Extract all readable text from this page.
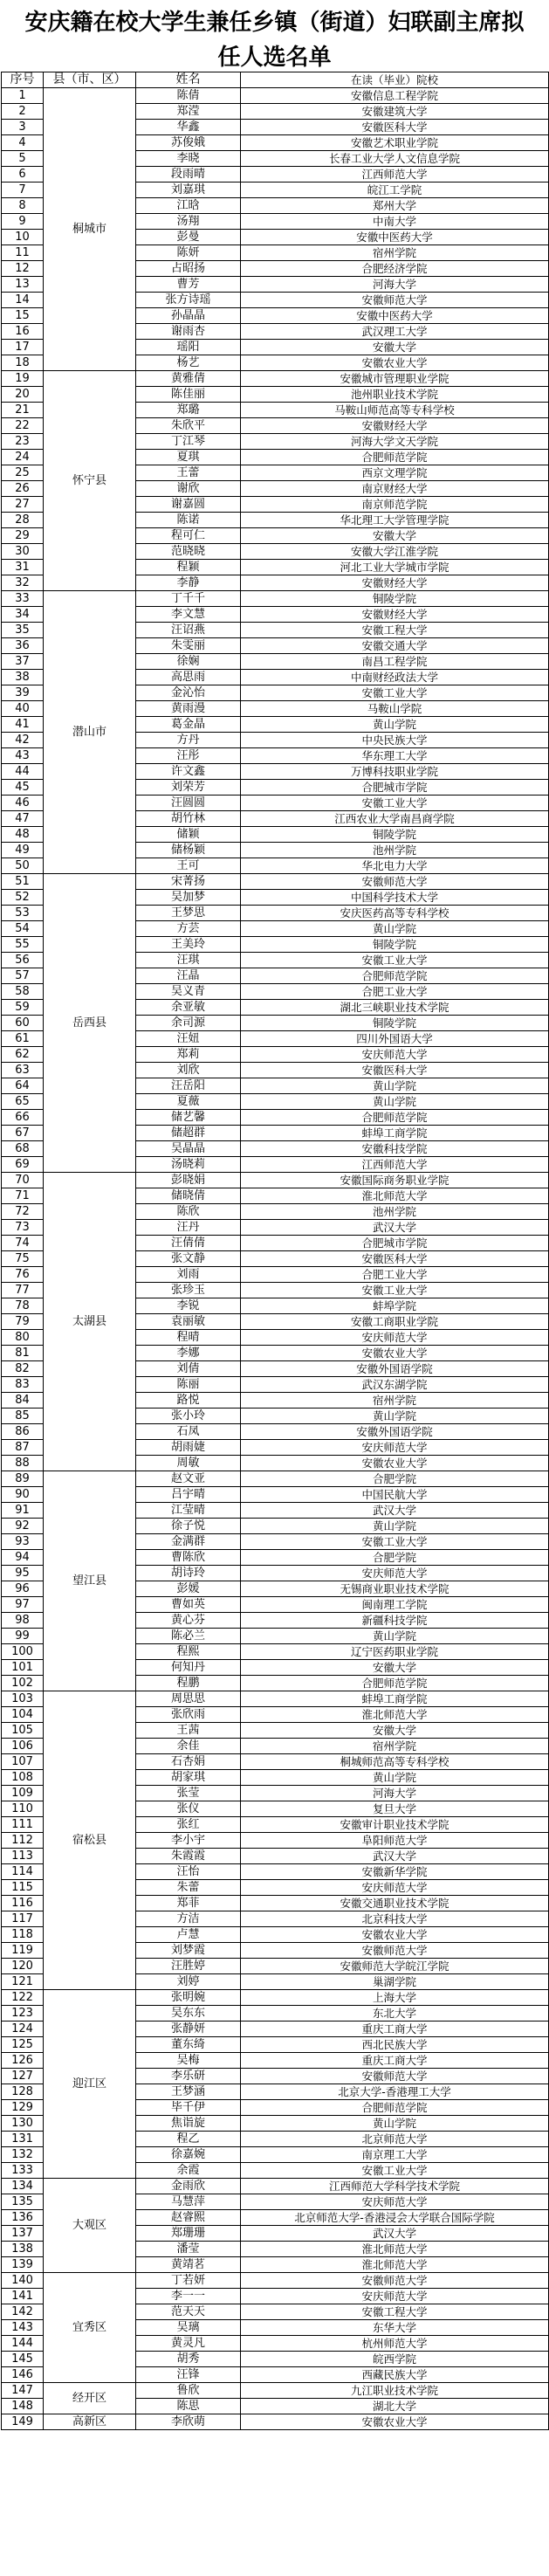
安庆籍在校大学生兼任乡镇（街道）妇联副主席拟
任人选名单
序号	县（市、区）	姓名	在读（毕业）院校
1	桐城市	陈倩	安徽信息工程学院
2		郑滢	安徽建筑大学
3		华鑫	安徽医科大学
4		苏俊娥	安徽艺术职业学院
5		李晓	长春工业大学人文信息学院
6		段雨晴	江西师范大学
7		刘嘉琪	皖江工学院
8		江晗	郑州大学
9		汤翔	中南大学
10		彭曼	安徽中医药大学
11		陈妍	宿州学院
12		占昭扬	合肥经济学院
13		曹芳	河海大学
14		张方诗瑶	安徽师范大学
15		孙晶晶	安徽中医药大学
16		谢雨杏	武汉理工大学
17		瑶阳	安徽大学
18		杨艺	安徽农业大学
19	怀宁县	黄雅倩	安徽城市管理职业学院
20		陈佳丽	池州职业技术学院
21		郑璐	马鞍山师范高等专科学校
22		朱欣平	安徽财经大学
23		丁江琴	河海大学文天学院
24		夏琪	合肥师范学院
25		王蕾	西京文理学院
26		谢欣	南京财经大学
27		谢嘉圆	南京师范学院
28		陈诺	华北理工大学管理学院
29		程可仁	安徽大学
30		范晓晓	安徽大学江淮学院
31		程颖	河北工业大学城市学院
32		李静	安徽财经大学
33	潜山市	丁千千	铜陵学院
34		李文慧	安徽财经大学
35		汪诏燕	安徽工程大学
36		朱雯丽	安徽交通大学
37		徐娴	南昌工程学院
38		高思雨	中南财经政法大学
39		金沁怡	安徽工业大学
40		黄雨漫	马鞍山学院
41		葛金晶	黄山学院
42		方丹	中央民族大学
43		汪彤	华东理工大学
44		许文鑫	万博科技职业学院
45		刘荣芳	合肥城市学院
46		汪圆圆	安徽工业大学
47		胡竹林	江西农业大学南昌商学院
48		储颖	铜陵学院
49		储杨颖	池州学院
50		王可	华北电力大学
51	岳西县	宋菁扬	安徽师范大学
52		吴加梦	中国科学技术大学
53		王梦思	安庆医药高等专科学校
54		方芸	黄山学院
55		王美玲	铜陵学院
56		汪琪	安徽工业大学
57		汪晶	合肥师范学院
58		吴义青	合肥工业大学
59		余亚敏	湖北三峡职业技术学院
60		余司源	铜陵学院
61		汪妞	四川外国语大学
62		郑莉	安庆师范大学
63		刘欣	安徽医科大学
64		汪岳阳	黄山学院
65		夏薇	黄山学院
66		储艺馨	合肥师范学院
67		储超群	蚌埠工商学院
68		吴晶晶	安徽科技学院
69		汤晓莉	江西师范大学
70	太湖县	彭晓娟	安徽国际商务职业学院
71		储晓倩	淮北师范大学
72		陈欣	池州学院
73		汪丹	武汉大学
74		汪倩倩	合肥城市学院
75		张文静	安徽医科大学
76		刘雨	合肥工业大学
77		张珍玉	安徽工业大学
78		李锐	蚌埠学院
79		袁丽敏	安徽工商职业学院
80		程晴	安庆师范大学
81		李娜	安徽农业大学
82		刘倩	安徽外国语学院
83		陈丽	武汉东湖学院
84		路悦	宿州学院
85		张小玲	黄山学院
86		石凤	安徽外国语学院
87		胡雨婕	安庆师范大学
88		周敏	安徽农业大学
89	望江县	赵文亚	合肥学院
90		吕宇晴	中国民航大学
91		江莹晴	武汉大学
92		徐子悦	黄山学院
93		金满群	安徽工业大学
94		曹陈欣	合肥学院
95		胡诗玲	安庆师范大学
96		彭媛	无锡商业职业技术学院
97		曹如英	闽南理工学院
98		黄心芬	新疆科技学院
99		陈必兰	黄山学院
100		程熙	辽宁医药职业学院
101		何知丹	安徽大学
102		程鹏	合肥师范学院
103	宿松县	周思思	蚌埠工商学院
104		张欣雨	淮北师范大学
105		王茜	安徽大学
106		余佳	宿州学院
107		石杏娟	桐城师范高等专科学校
108		胡家琪	黄山学院
109		张莹	河海大学
110		张仪	复旦大学
111		张红	安徽审计职业技术学院
112		李小宇	阜阳师范大学
113		朱霞霞	武汉大学
114		汪怡	安徽新华学院
115		朱蕾	安庆师范大学
116		郑菲	安徽交通职业技术学院
117		方洁	北京科技大学
118		卢慧	安徽农业大学
119		刘梦霞	安徽师范大学
120		汪胜婷	安徽师范大学皖江学院
121		刘婷	巢湖学院
122	迎江区	张明婉	上海大学
123		吴东东	东北大学
124		张静妍	重庆工商大学
125		董东绮	西北民族大学
126		吴梅	重庆工商大学
127		李乐研	安徽师范大学
128		王梦涵	北京大学-香港理工大学
129		毕千伊	合肥师范学院
130		焦诣旋	黄山学院
131		程乙	北京师范大学
132		徐嘉婉	南京理工大学
133		余霞	安徽工业大学
134	大观区	金雨欣	江西师范大学科学技术学院
135		马慧萍	安庆师范大学
136		赵睿熙	北京师范大学-香港浸会大学联合国际学院
137		郑珊珊	武汉大学
138		潘莹	淮北师范大学
139		黄靖茗	淮北师范大学
140	宜秀区	丁若妍	安徽师范大学
141		李一一	安庆师范大学
142		范天天	安徽工程大学
143		吴璃	东华大学
144		黄灵凡	杭州师范大学
145		胡秀	皖西学院
146		汪锋	西藏民族大学
147	经开区	鲁欣	九江职业技术学院
148		陈思	湖北大学
149	高新区	李欣萌	安徽农业大学
